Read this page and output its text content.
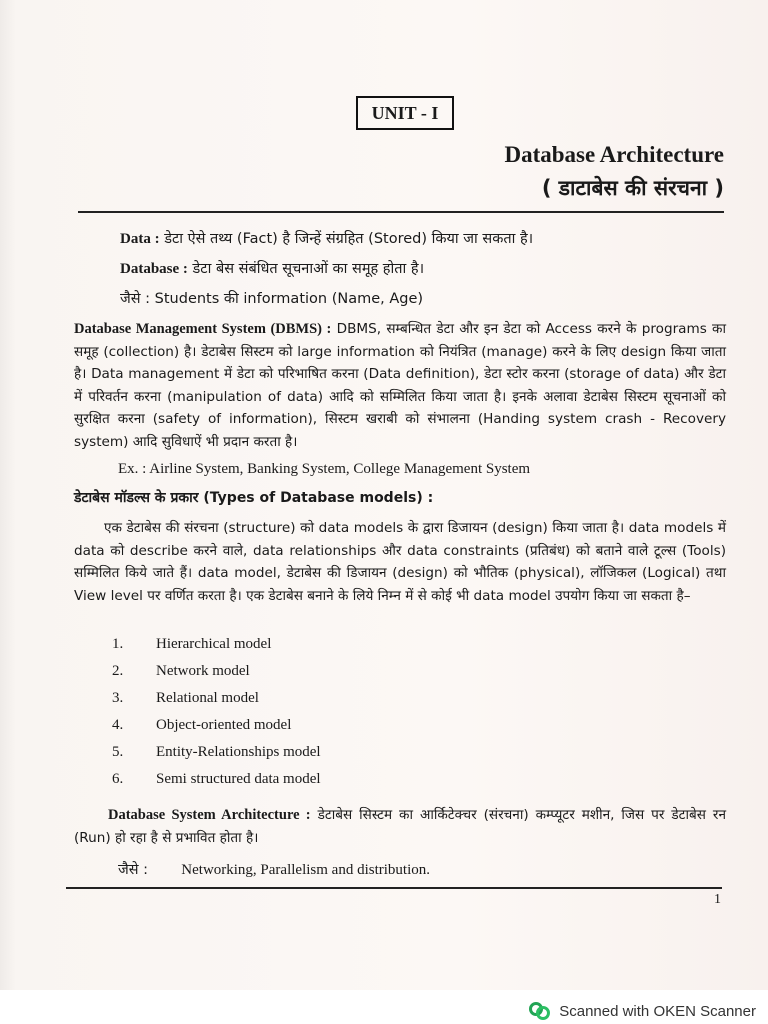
UNIT - I
Database Architecture
( डाटाबेस की संरचना )
Data : डेटा ऐसे तथ्य (Fact) है जिन्हें संग्रहित (Stored) किया जा सकता है।
Database : डेटा बेस संबंधित सूचनाओं का समूह होता है।
जैसे : Students की information (Name, Age)
Database Management System (DBMS) : DBMS, सम्बन्धित डेटा और इन डेटा को Access करने के programs का समूह (collection) है। डेटाबेस सिस्टम को large information को नियंत्रित (manage) करने के लिए design किया जाता है। Data management में डेटा को परिभाषित करना (Data definition), डेटा स्टोर करना (storage of data) और डेटा में परिवर्तन करना (manipulation of data) आदि को सम्मिलित किया जाता है। इनके अलावा डेटाबेस सिस्टम सूचनाओं को सुरक्षित करना (safety of information), सिस्टम खराबी को संभालना (Handing system crash - Recovery system) आदि सुविधाऐं भी प्रदान करता है।
Ex. : Airline System, Banking System, College Management System
डेटाबेस मॉडल्स के प्रकार (Types of Database models) :
एक डेटाबेस की संरचना (structure) को data models के द्वारा डिजायन (design) किया जाता है। data models में data को describe करने वाले, data relationships और data constraints (प्रतिबंध) को बताने वाले टूल्स (Tools) सम्मिलित किये जाते हैं। data model, डेटाबेस की डिजायन (design) को भौतिक (physical), लॉजिकल (Logical) तथा View level पर वर्णित करता है। एक डेटाबेस बनाने के लिये निम्न में से कोई भी data model उपयोग किया जा सकता है–
1. Hierarchical model
2. Network model
3. Relational model
4. Object-oriented model
5. Entity-Relationships model
6. Semi structured data model
Database System Architecture : डेटाबेस सिस्टम का आर्किटेक्चर (संरचना) कम्प्यूटर मशीन, जिस पर डेटाबेस रन (Run) हो रहा है से प्रभावित होता है।
जैसे : Networking, Parallelism and distribution.
1
Scanned with OKEN Scanner
